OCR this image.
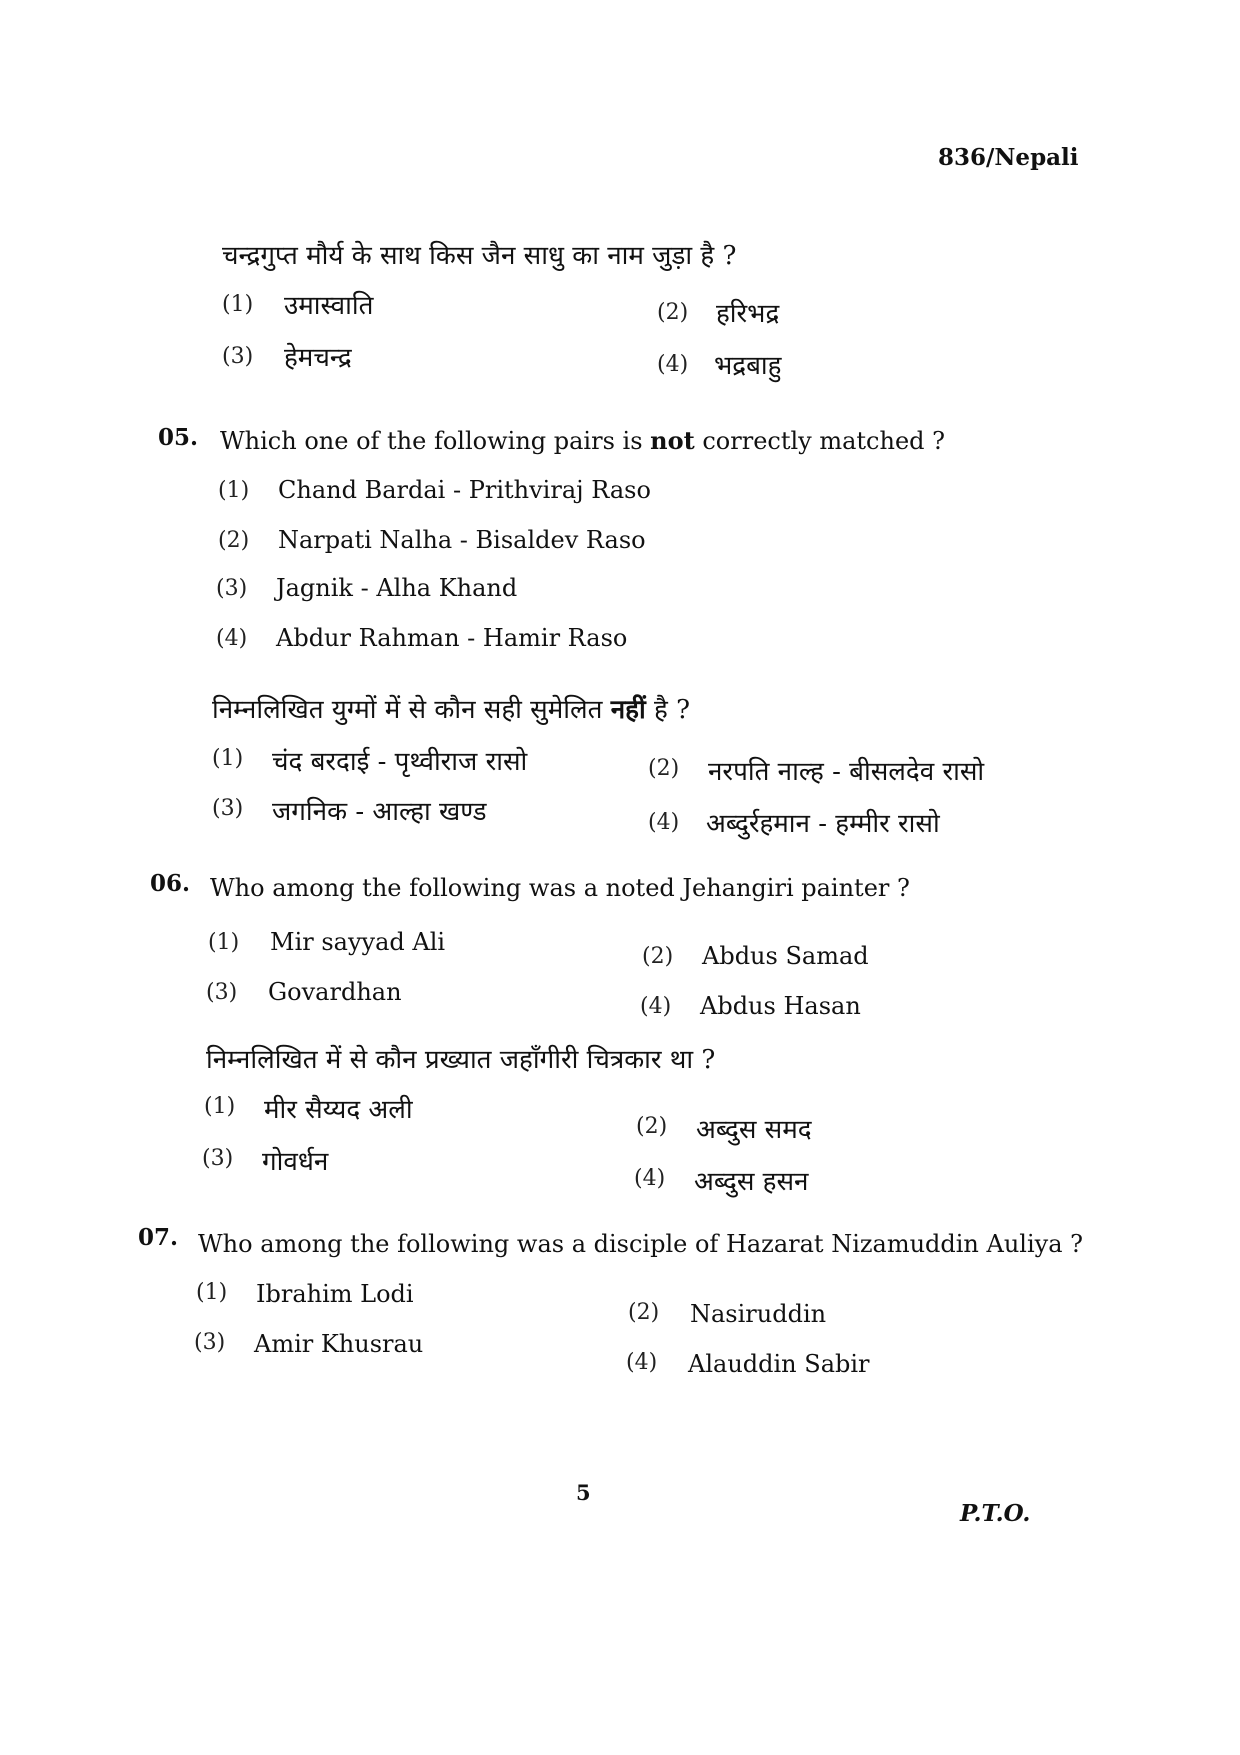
836/Nepali
चन्द्रगुप्त मौर्य के साथ किस जैन साधु का नाम जुड़ा है ?
(1) उमास्वाति	(2) हरिभद्र
(3) हेमचन्द्र	(4) भद्रबाहु
05. Which one of the following pairs is not correctly matched ?
(1) Chand Bardai - Prithviraj Raso
(2) Narpati Nalha - Bisaldev Raso
(3) Jagnik - Alha Khand
(4) Abdur Rahman - Hamir Raso
निम्नलिखित युग्मों में से कौन सही सुमेलित नहीं है ?
(1) चंद बरदाई - पृथ्वीराज रासो	(2) नरपति नाल्ह - बीसलदेव रासो
(3) जगनिक - आल्हा खण्ड	(4) अब्दुर्रहमान - हम्मीर रासो
06. Who among the following was a noted Jehangiri painter ?
(1) Mir sayyad Ali
(2) Abdus Samad
(3) Govardhan
(4) Abdus Hasan
निम्नलिखित में से कौन प्रख्यात जहाँगीरी चित्रकार था ?
(1) मीर सैय्यद अली
(2) अब्दुस समद
(3) गोवर्धन
(4) अब्दुस हसन
07. Who among the following was a disciple of Hazarat Nizamuddin Auliya ?
(1) Ibrahim Lodi
(2) Nasiruddin
(3) Amir Khusrau
(4) Alauddin Sabir
5
P.T.O.
